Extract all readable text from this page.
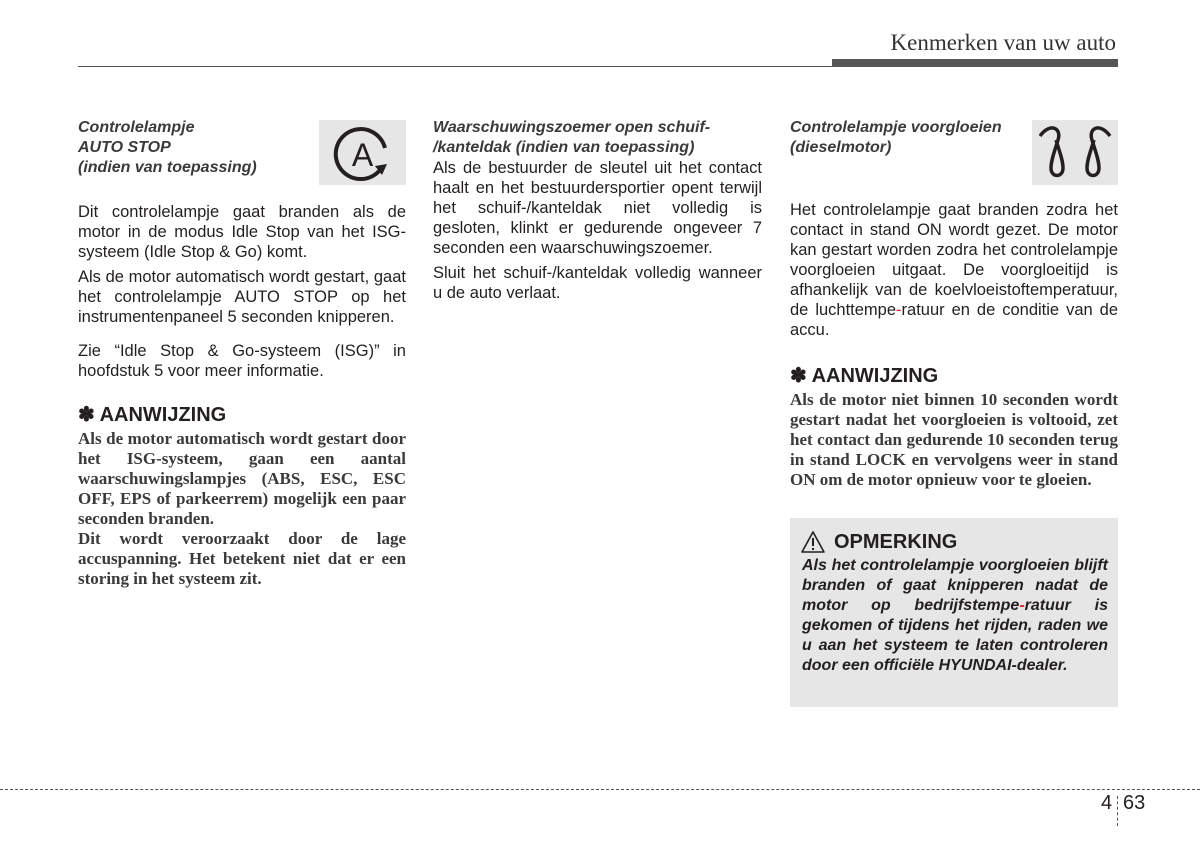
Kenmerken van uw auto
A

Controlelampje

AUTO STOP

(indien van toepassing)

Dit controlelampje gaat branden als de motor in de modus Idle Stop van het ISG-systeem (Idle Stop & Go) komt.

Als de motor automatisch wordt gestart, gaat het controlelampje AUTO STOP op het instrumentenpaneel 5 seconden knipperen.

Zie “Idle Stop & Go-systeem (ISG)” in hoofdstuk 5 voor meer informatie.

✽ AANWIJZING

Als de motor automatisch wordt gestart door het ISG-systeem, gaan een aantal waarschuwingslampjes (ABS, ESC, ESC OFF, EPS of parkeerrem) mogelijk een paar seconden branden.

Dit wordt veroorzaakt door de lage accuspanning. Het betekent niet dat er een storing in het systeem zit.

Waarschuwingszoemer open schuif-

/kanteldak (indien van toepassing)

Als de bestuurder de sleutel uit het contact haalt en het bestuurdersportier opent terwijl het schuif-/kanteldak niet volledig is gesloten, klinkt er gedurende ongeveer 7 seconden een waarschuwingszoemer.

Sluit het schuif-/kanteldak volledig wanneer u de auto verlaat.

Controlelampje voorgloeien

(dieselmotor)

Het controlelampje gaat branden zodra het contact in stand ON wordt gezet. De motor kan gestart worden zodra het controlelampje voorgloeien uitgaat. De voorgloeitijd is afhankelijk van de koelvloeistoftemperatuur, de luchttempe-ratuur en de conditie van de accu.

✽ AANWIJZING

Als de motor niet binnen 10 seconden wordt gestart nadat het voorgloeien is voltooid, zet het contact dan gedurende 10 seconden terug in stand LOCK en vervolgens weer in stand ON om de motor opnieuw voor te gloeien.

OPMERKING

Als het controlelampje voorgloeien blijft branden of gaat knipperen nadat de motor op bedrijfstempe-ratuur is gekomen of tijdens het rijden, raden we u aan het systeem te laten controleren door een officiële HYUNDAI-dealer.

4 63
